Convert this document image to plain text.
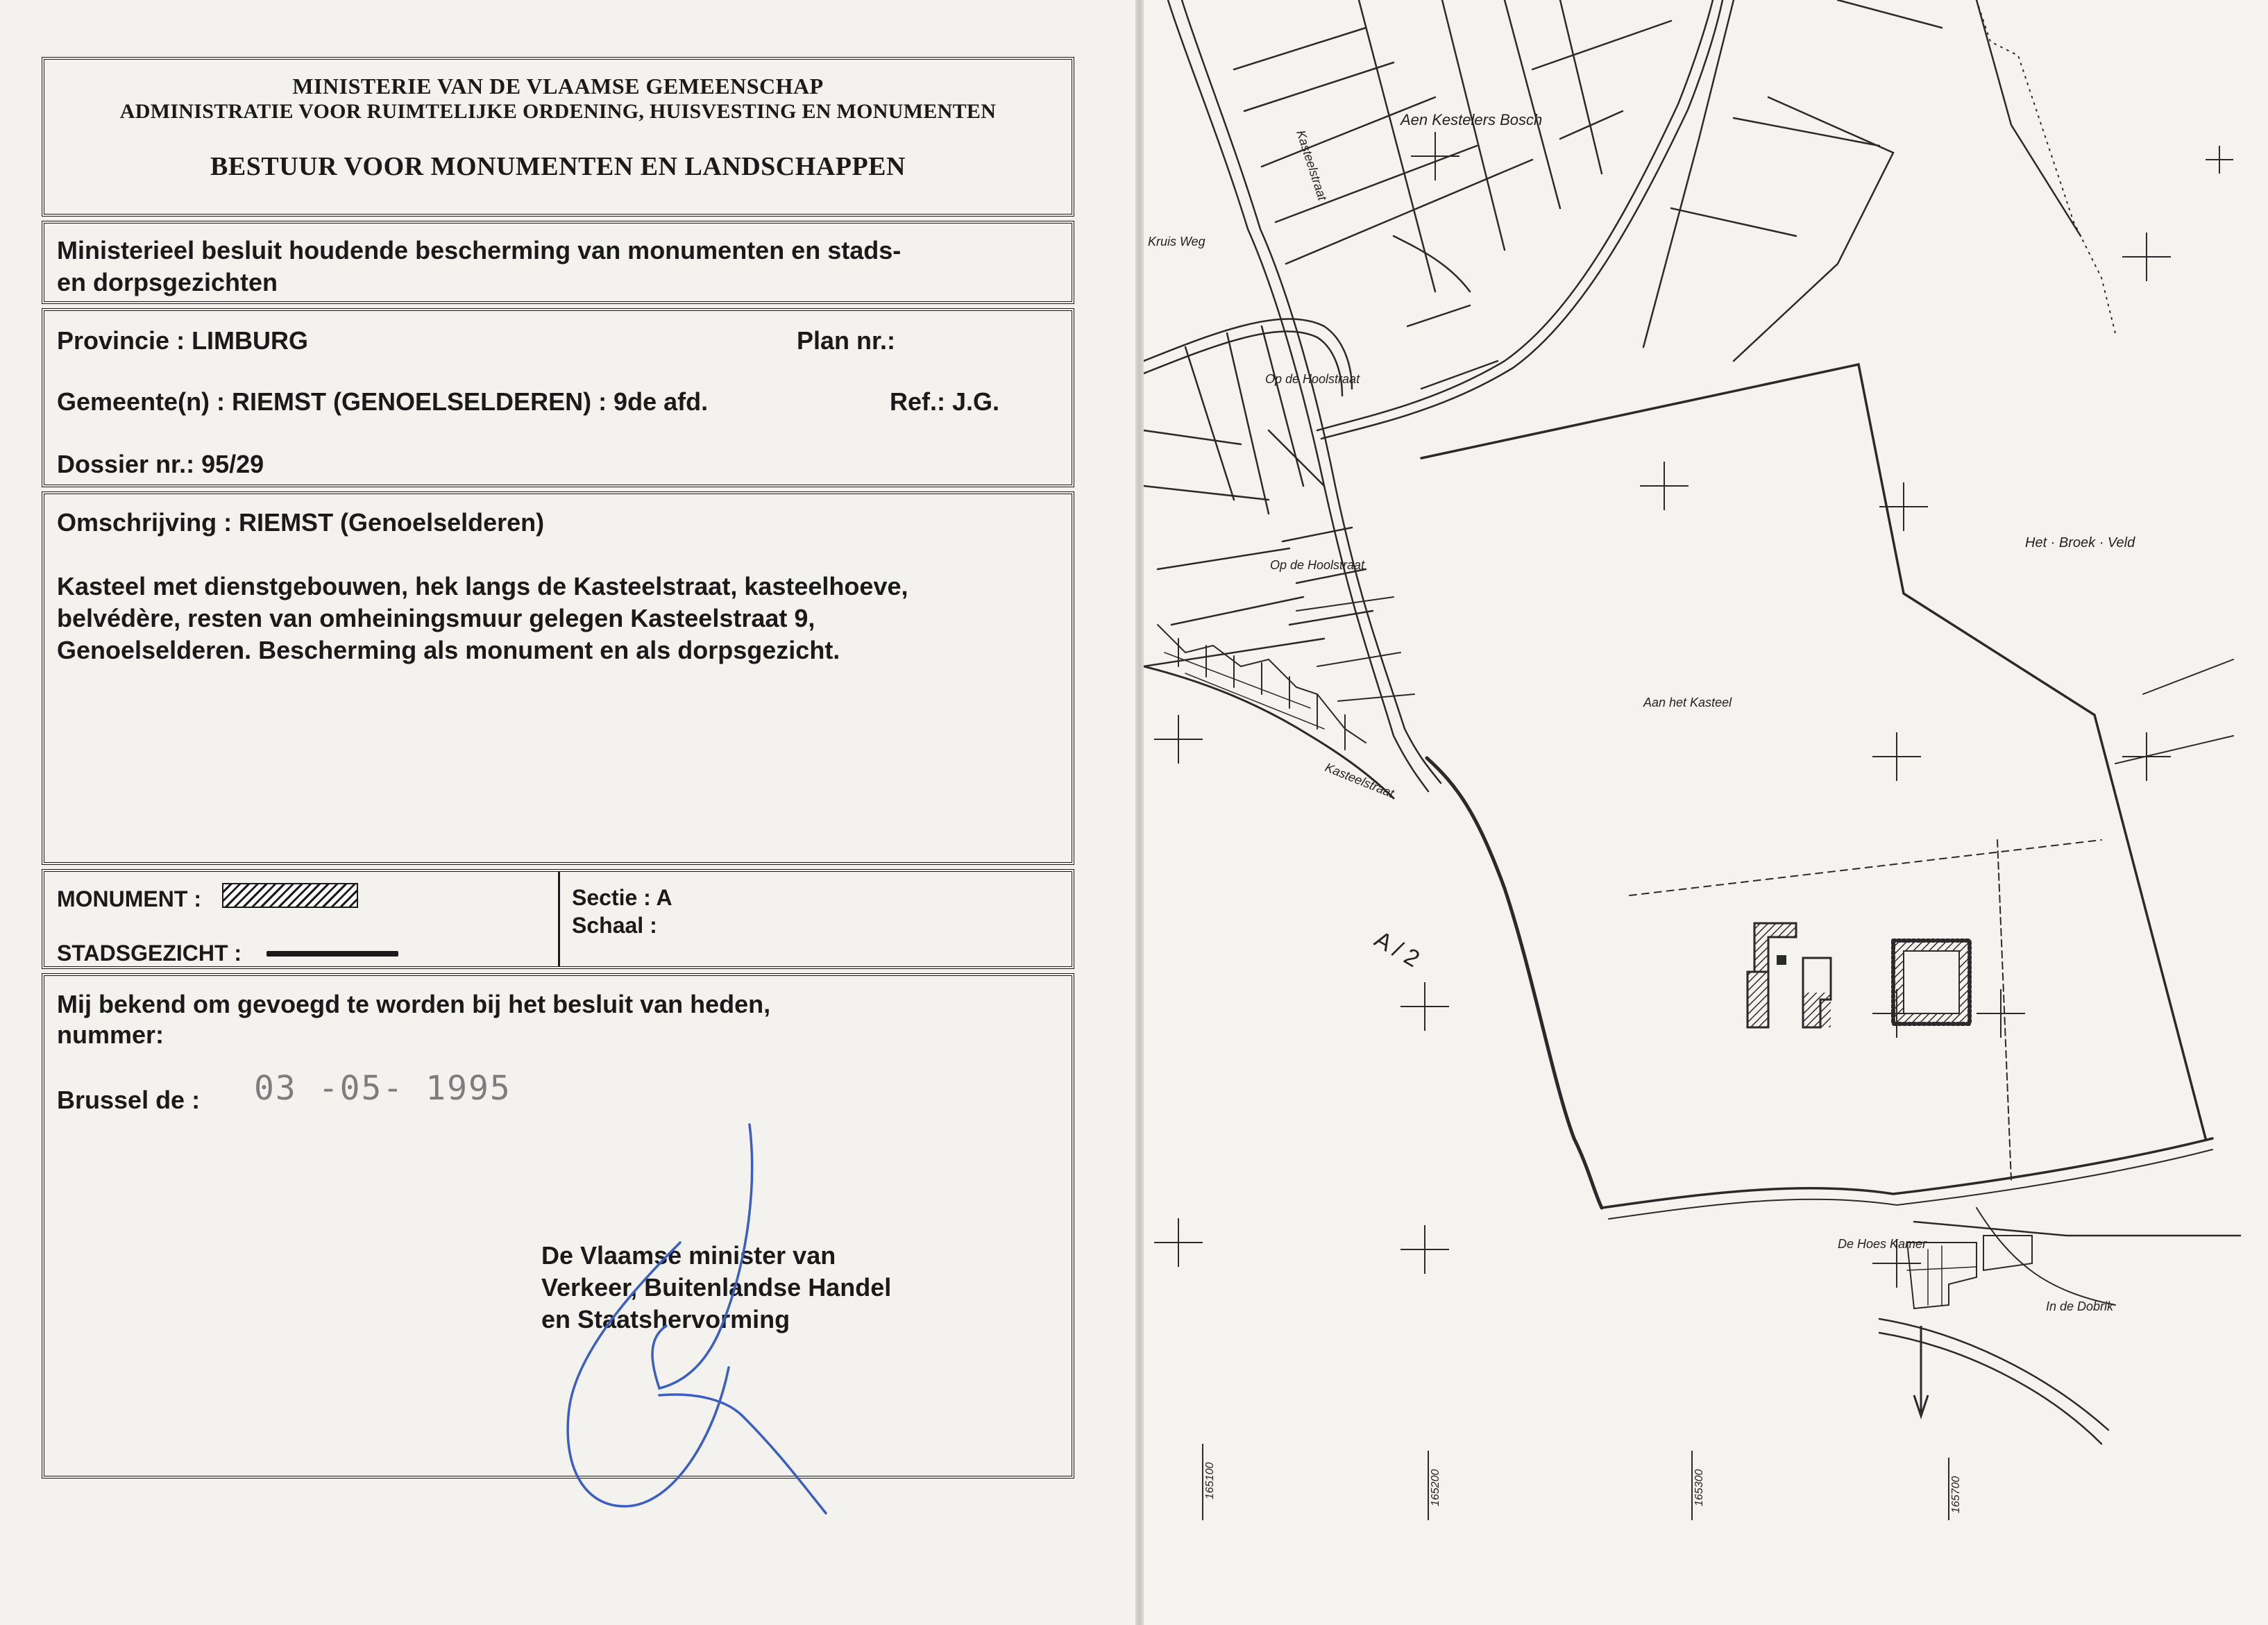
MINISTERIE VAN DE VLAAMSE GEMEENSCHAP
ADMINISTRATIE VOOR RUIMTELIJKE ORDENING, HUISVESTING EN MONUMENTEN
BESTUUR VOOR MONUMENTEN EN LANDSCHAPPEN
Ministerieel besluit houdende bescherming van monumenten en stads-
en dorpsgezichten
Provincie : LIMBURG	Plan nr.:
Gemeente(n) : RIEMST (GENOELSELDEREN) : 9de afd.	Ref.: J.G.
Dossier nr.: 95/29
Omschrijving : RIEMST (Genoelselderen)
Kasteel met dienstgebouwen, hek langs de Kasteelstraat, kasteelhoeve,
belvédère, resten van omheiningsmuur gelegen Kasteelstraat 9,
Genoelselderen. Bescherming als monument en als dorpsgezicht.
MONUMENT :
STADSGEZICHT :
Sectie : A
Schaal :
Mij bekend om gevoegd te worden bij het besluit van heden,
nummer:
Brussel de : 03 -05- 1995
De Vlaamse minister van
Verkeer, Buitenlandse Handel
en Staatshervorming
Kruis Weg
Aen Kestelers Bosch
Op de Hoolstraat
Op de Hoolstraat
Het · Broek · Veld
Aan het Kasteel
Kasteelstraat
Kasteelstraat
A / 2
De Hoes Kamer
In de Dobrik
165100	165200	165300	165700
